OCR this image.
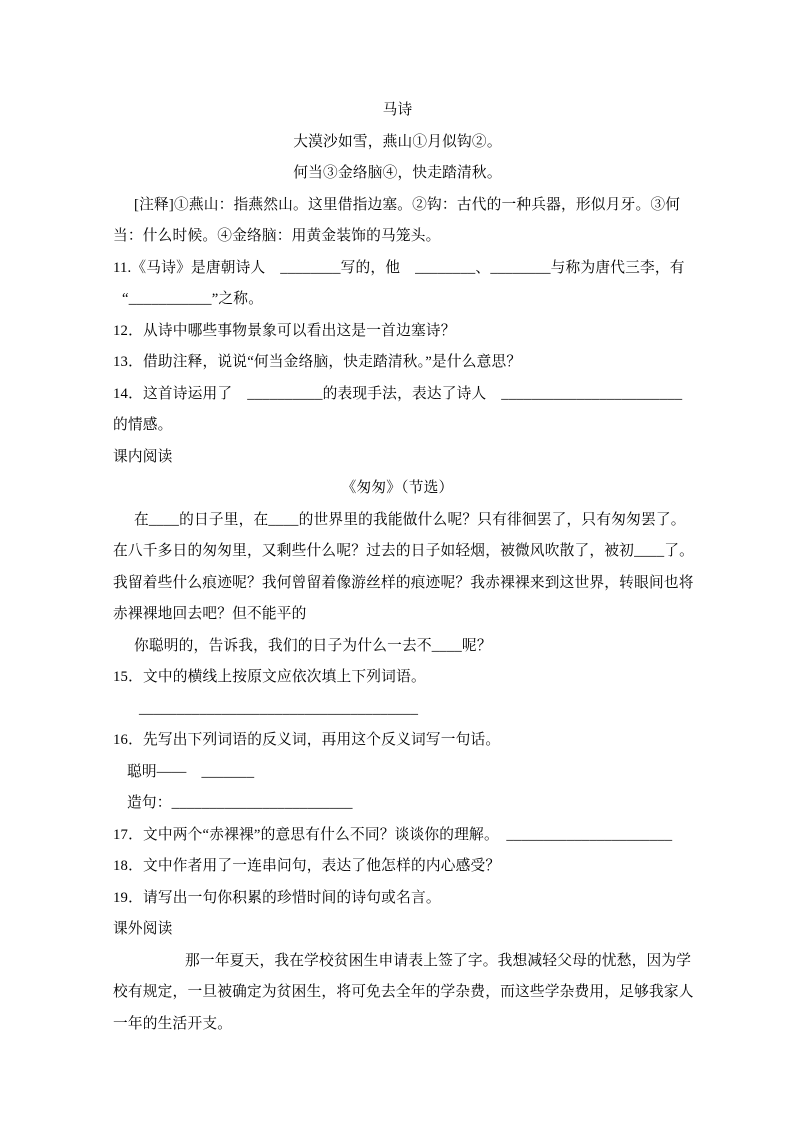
马诗
大漠沙如雪，燕山①月似钩②。
何当③金络脑④，快走踏清秋。
[注释]①燕山：指燕然山。这里借指边塞。②钩：古代的一种兵器，形似月牙。③何
当：什么时候。④金络脑：用黄金装饰的马笼头。
11.《马诗》是唐朝诗人　________写的，他　________、________与称为唐代三李，有
“___________”之称。
12．从诗中哪些事物景象可以看出这是一首边塞诗？
13．借助注释，说说“何当金络脑，快走踏清秋。”是什么意思？
14．这首诗运用了　__________的表现手法，表达了诗人　________________________
的情感。
课内阅读
《匆匆》（节选）
在____的日子里，在____的世界里的我能做什么呢？只有徘徊罢了，只有匆匆罢了。
在八千多日的匆匆里，又剩些什么呢？过去的日子如轻烟，被微风吹散了，被初____了。
我留着些什么痕迹呢？我何曾留着像游丝样的痕迹呢？我赤裸裸来到这世界，转眼间也将
赤裸裸地回去吧？但不能平的
你聪明的，告诉我，我们的日子为什么一去不____呢？
15．文中的横线上按原文应依次填上下列词语。
_____________________________________
16．先写出下列词语的反义词，再用这个反义词写一句话。
聪明——　_______
造句：________________________
17．文中两个“赤裸裸”的意思有什么不同？谈谈你的理解。　______________________
18．文中作者用了一连串问句，表达了他怎样的内心感受？
19．请写出一句你积累的珍惜时间的诗句或名言。
课外阅读
那一年夏天，我在学校贫困生申请表上签了字。我想减轻父母的忧愁，因为学
校有规定，一旦被确定为贫困生，将可免去全年的学杂费，而这些学杂费用，足够我家人
一年的生活开支。
